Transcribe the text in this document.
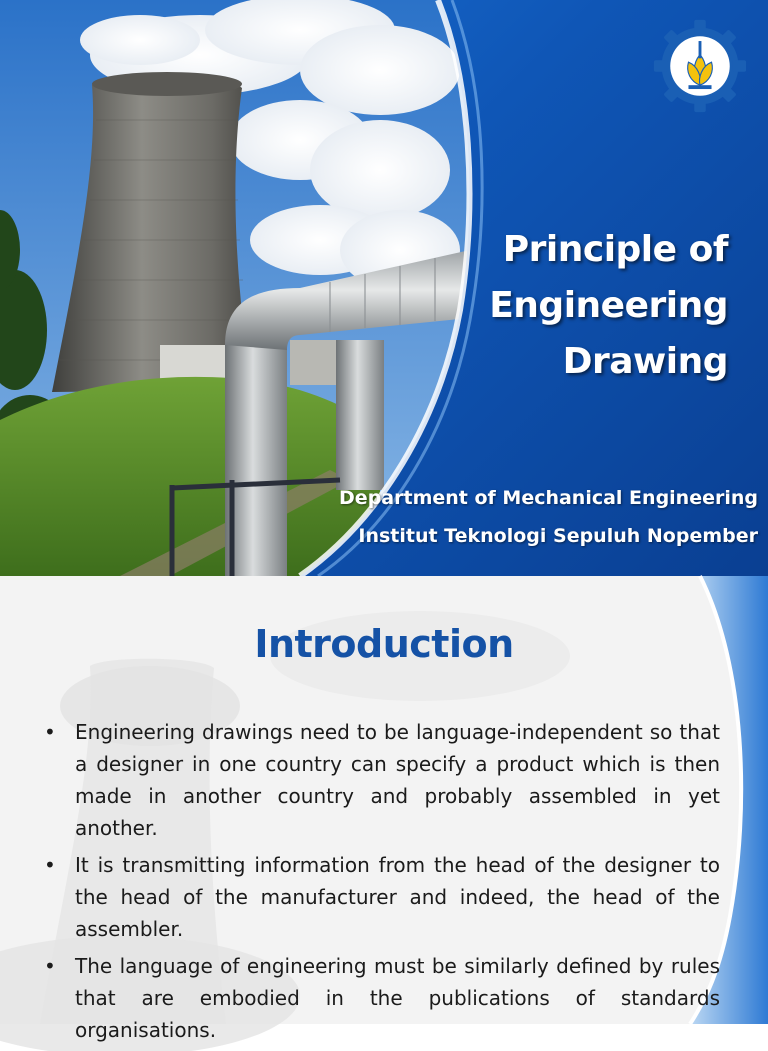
Principle of
Engineering
Drawing
Department of Mechanical Engineering
Institut Teknologi Sepuluh Nopember
Introduction
• Engineering drawings need to be language-independent so that a designer in one country can specify a product which is then made in another country and probably assembled in yet another.
• It is transmitting information from the head of the designer to the head of the manufacturer and indeed, the head of the assembler.
• The language of engineering must be similarly defined by rules that are embodied in the publications of standards organisations.
